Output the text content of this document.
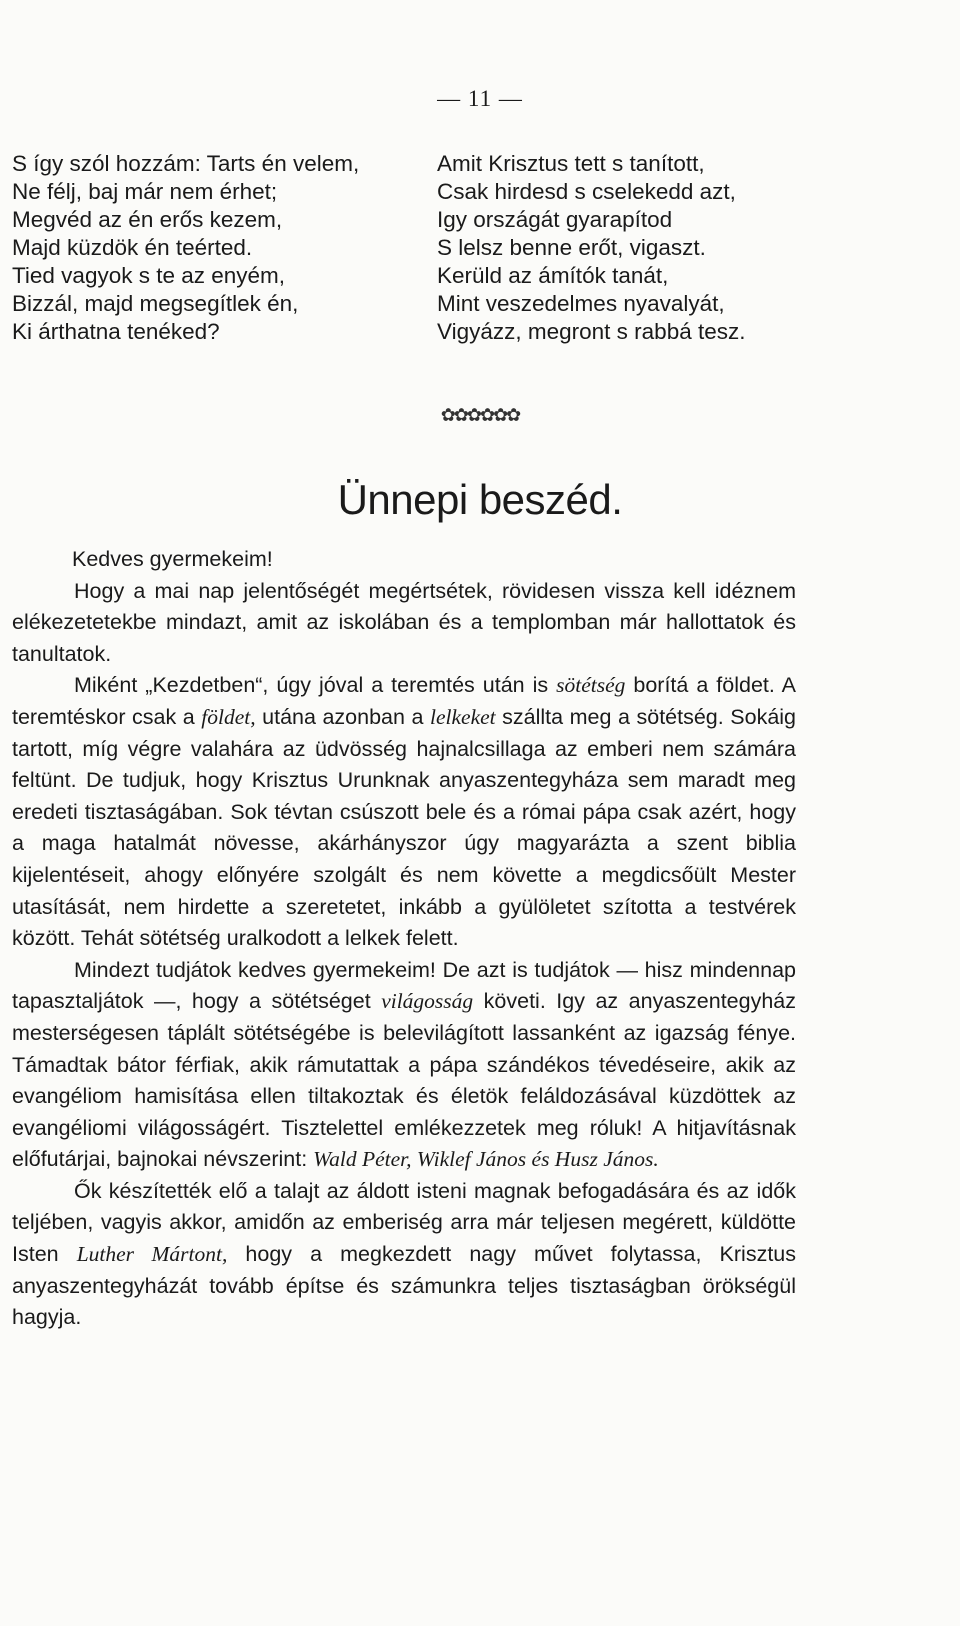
— 11 —
S így szól hozzám: Tarts én velem,
Ne félj, baj már nem érhet;
Megvéd az én erős kezem,
Majd küzdök én teérted.
Tied vagyok s te az enyém,
Bizzál, majd megsegítlek én,
Ki árthatna tenéked?
Amit Krisztus tett s tanított,
Csak hirdesd s cselekedd azt,
Igy országát gyarapítod
S lelsz benne erőt, vigaszt.
Kerüld az ámítók tanát,
Mint veszedelmes nyavalyát,
Vigyázz, megront s rabbá tesz.
✿✿✿✿✿✿
Ünnepi beszéd.
Kedves gyermekeim!

Hogy a mai nap jelentőségét megértsétek, rövidesen vissza kell idéznem elékezetetekbe mindazt, amit az iskolában és a templomban már hallottatok és tanultatok.

Miként „Kezdetben“, úgy jóval a teremtés után is sötétség borítá a földet. A teremtéskor csak a földet, utána azonban a lelkeket szállta meg a sötétség. Sokáig tartott, míg végre valahára az üdvösség hajnalcsillaga az emberi nem számára feltünt. De tudjuk, hogy Krisztus Urunknak anyaszentegyháza sem maradt meg eredeti tisztaságában. Sok tévtan csúszott bele és a római pápa csak azért, hogy a maga hatalmát növesse, akárhányszor úgy magyarázta a szent biblia kijelentéseit, ahogy előnyére szolgált és nem követte a megdicsőült Mester utasítását, nem hirdette a szeretetet, inkább a gyülöletet szította a testvérek között. Tehát sötétség uralkodott a lelkek felett.

Mindezt tudjátok kedves gyermekeim! De azt is tudjátok — hisz mindennap tapasztaljátok —, hogy a sötétséget világosság követi. Igy az anyaszentegyház mesterségesen táplált sötétségébe is belevilágított lassanként az igazság fénye. Támadtak bátor férfiak, akik rámutattak a pápa szándékos tévedéseire, akik az evangéliom hamisítása ellen tiltakoztak és életök feláldozásával küzdöttek az evangéliomi világosságért. Tisztelettel emlékezzetek meg róluk! A hitjavításnak előfutárjai, bajnokai névszerint: Wald Péter, Wiklef János és Husz János.

Ők készítették elő a talajt az áldott isteni magnak befogadására és az idők teljében, vagyis akkor, amidőn az emberiség arra már teljesen megérett, küldötte Isten Luther Mártont, hogy a megkezdett nagy művet folytassa, Krisztus anyaszentegyházát tovább építse és számunkra teljes tisztaságban örökségül hagyja.
